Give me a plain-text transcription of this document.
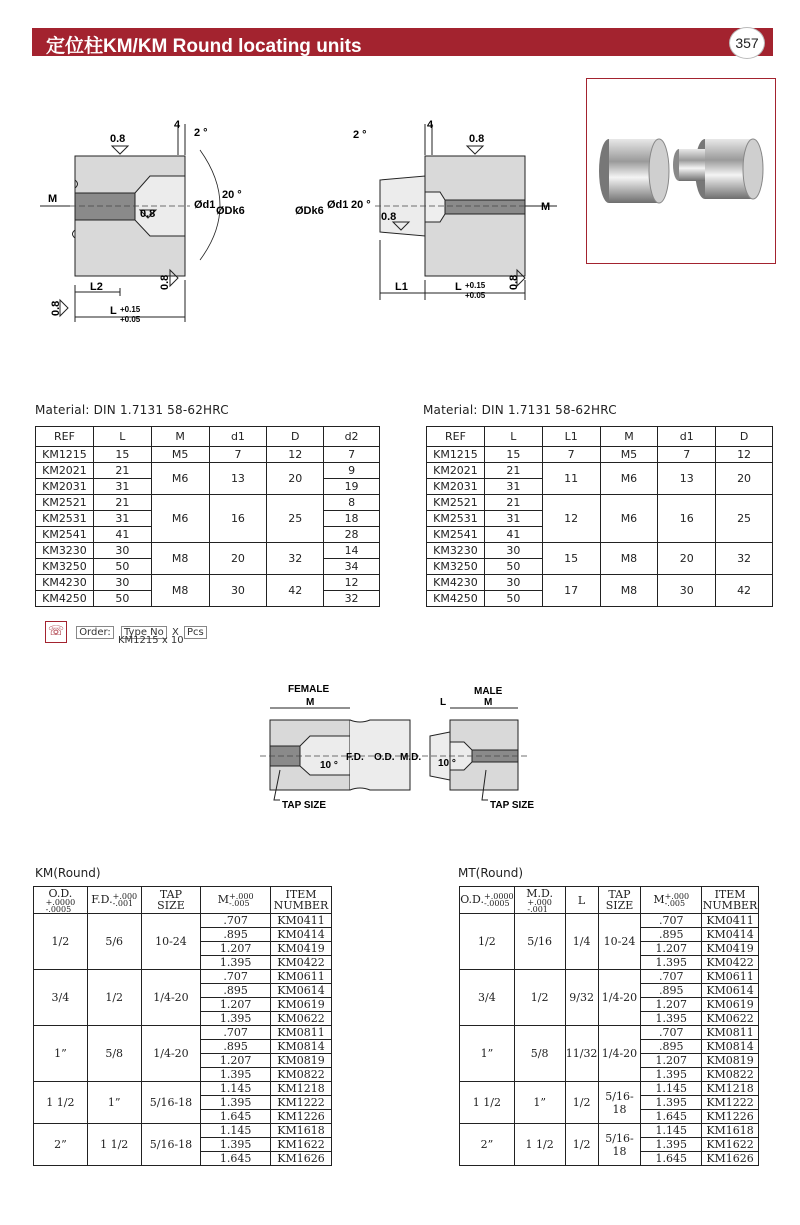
定位柱KM/KM Round locating units	357
0.8
0.8
0.8
0.8
4
2 °
20 °
M	Ød1 ØDk6
L2
L +0.15
+0.05
0.8
0.8
0.8
4
2 °
20 °
Ød1
ØDk6	M
L1	L +0.15
+0.05
Material: DIN 1.7131 58-62HRC	Material: DIN 1.7131 58-62HRC
REF	L	M	d1	D	d2
KM1215	15	M5	7	12	7
KM2021	21	M6	13	20	9
KM2031	31				19
KM2521	21	M6	16	25	8
KM2531	31				18
KM2541	41				28
KM3230	30	M8	20	32	14
KM3250	50				34
KM4230	30	M8	30	42	12
KM4250	50				32
REF	L	L1	M	d1	D
KM1215	15	7	M5	7	12
KM2021	21	11	M6	13	20
KM2031	31				
KM2521	21	12	M6	16	25
KM2531	31				
KM2541	41				
KM3230	30	15	M8	20	32
KM3250	50				
KM4230	30	17	M8	30	42
KM4250	50				
☏ Order: Type No X Pcs
KM1215 x 10
FEMALE
M
MALE
M
L
F.D. O.D. M.D.
10 °	10 °
TAP SIZE	TAP SIZE
KM(Round)
O.D.+.0000
-.0005	F.D.+.000
-.001	TAP
SIZE	M+.000
-.005	ITEM
NUMBER
1/2	5/6	10-24	.707	KM0411
			.895	KM0414
			1.207	KM0419
			1.395	KM0422
3/4	1/2	1/4-20	.707	KM0611
			.895	KM0614
			1.207	KM0619
			1.395	KM0622
1”	5/8	1/4-20	.707	KM0811
			.895	KM0814
			1.207	KM0819
			1.395	KM0822
1 1/2	1”	5/16-18	1.145	KM1218
			1.395	KM1222
			1.645	KM1226
2”	1 1/2	5/16-18	1.145	KM1618
			1.395	KM1622
			1.645	KM1626
MT(Round)
O.D.+.0000
-.0005	M.D.+.000
-.001	L	TAP
SIZE	M+.000
-.005	ITEM
NUMBER
1/2	5/16	1/4	10-24	.707	KM0411
				.895	KM0414
				1.207	KM0419
				1.395	KM0422
3/4	1/2	9/32	1/4-20	.707	KM0611
				.895	KM0614
				1.207	KM0619
				1.395	KM0622
1”	5/8	11/32	1/4-20	.707	KM0811
				.895	KM0814
				1.207	KM0819
				1.395	KM0822
1 1/2	1”	1/2	5/16-18	1.145	KM1218
				1.395	KM1222
				1.645	KM1226
2”	1 1/2	1/2	5/16-18	1.145	KM1618
				1.395	KM1622
				1.645	KM1626
